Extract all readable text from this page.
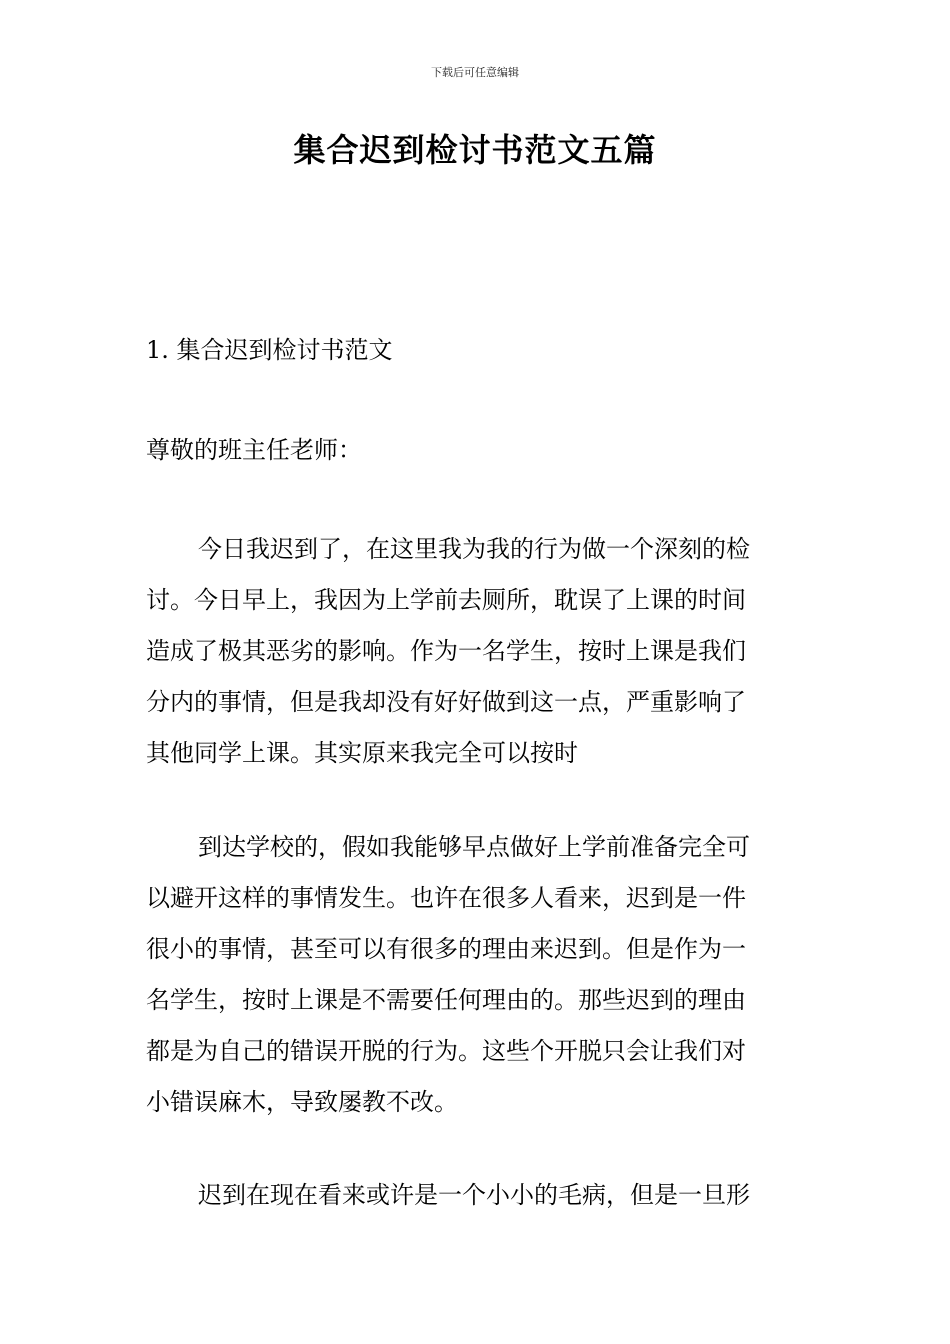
下载后可任意编辑
集合迟到检讨书范文五篇
1. 集合迟到检讨书范文
尊敬的班主任老师：
今日我迟到了，在这里我为我的行为做一个深刻的检
讨。今日早上，我因为上学前去厕所，耽误了上课的时间
造成了极其恶劣的影响。作为一名学生，按时上课是我们
分内的事情，但是我却没有好好做到这一点，严重影响了
其他同学上课。其实原来我完全可以按时
到达学校的，假如我能够早点做好上学前准备完全可
以避开这样的事情发生。也许在很多人看来，迟到是一件
很小的事情，甚至可以有很多的理由来迟到。但是作为一
名学生，按时上课是不需要任何理由的。那些迟到的理由
都是为自己的错误开脱的行为。这些个开脱只会让我们对
小错误麻木，导致屡教不改。
迟到在现在看来或许是一个小小的毛病，但是一旦形
